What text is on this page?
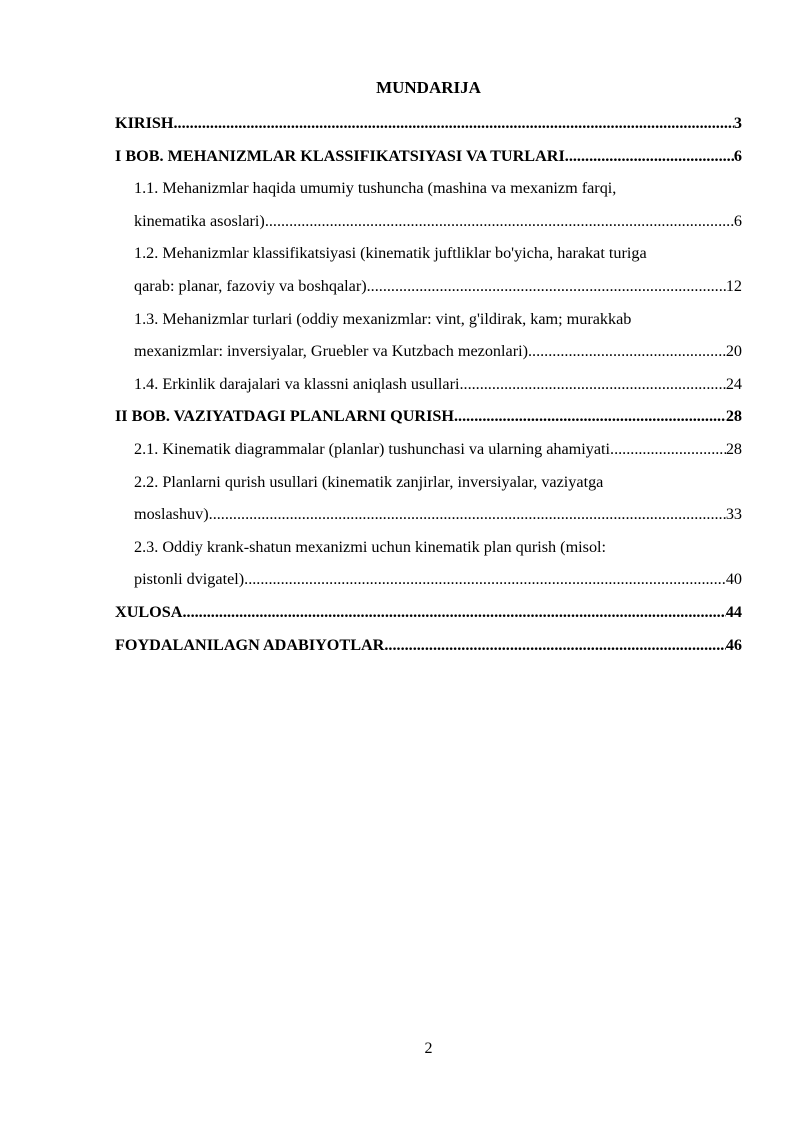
MUNDARIJA
KIRISH .....	3
I BOB. MEHANIZMLAR KLASSIFIKATSIYASI VA TURLARI .....	6
1.1. Mehanizmlar haqida umumiy tushuncha (mashina va mexanizm farqi,
kinematika asoslari) .....	6
1.2. Mehanizmlar klassifikatsiyasi (kinematik juftliklar bo'yicha, harakat turiga
qarab: planar, fazoviy va boshqalar) .....	12
1.3. Mehanizmlar turlari (oddiy mexanizmlar: vint, g'ildirak, kam; murakkab
mexanizmlar: inversiyalar, Gruebler va Kutzbach mezonlari) .....	20
1.4. Erkinlik darajalari va klassni aniqlash usullari .....	24
II BOB. VAZIYATDAGI PLANLARNI QURISH .....	28
2.1. Kinematik diagrammalar (planlar) tushunchasi va ularning ahamiyati .....	28
2.2. Planlarni qurish usullari (kinematik zanjirlar, inversiyalar, vaziyatga
moslashuv) .....	33
2.3. Oddiy krank-shatun mexanizmi uchun kinematik plan qurish (misol:
pistonli dvigatel) .....	40
XULOSA .....	44
FOYDALANILAGN ADABIYOTLAR .....	46
2
